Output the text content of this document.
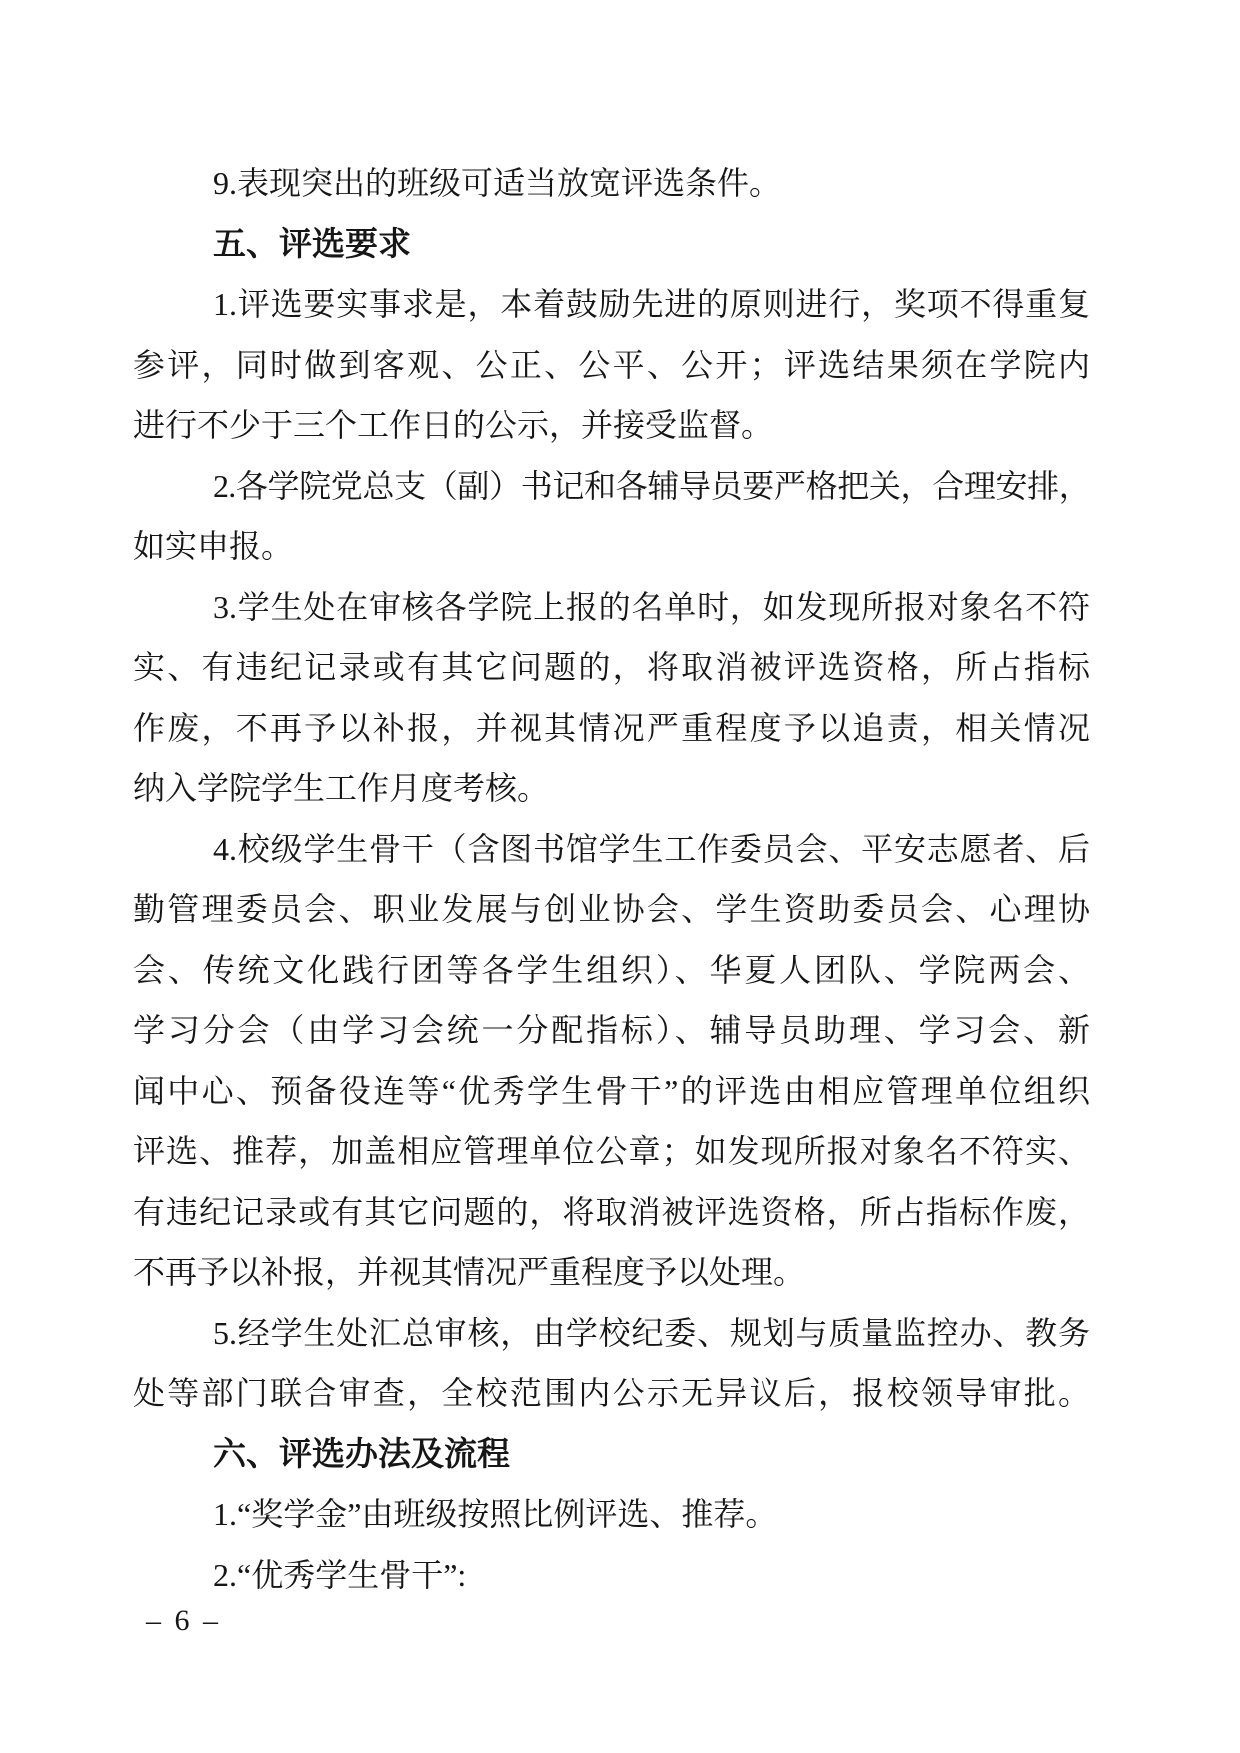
9.表现突出的班级可适当放宽评选条件。
五、评选要求
1.评选要实事求是，本着鼓励先进的原则进行，奖项不得重复
参评，同时做到客观、公正、公平、公开；评选结果须在学院内
进行不少于三个工作日的公示，并接受监督。
2.各学院党总支（副）书记和各辅导员要严格把关，合理安排，
如实申报。
3.学生处在审核各学院上报的名单时，如发现所报对象名不符
实、有违纪记录或有其它问题的，将取消被评选资格，所占指标
作废，不再予以补报，并视其情况严重程度予以追责，相关情况
纳入学院学生工作月度考核。
4.校级学生骨干（含图书馆学生工作委员会、平安志愿者、后
勤管理委员会、职业发展与创业协会、学生资助委员会、心理协
会、传统文化践行团等各学生组织）、华夏人团队、学院两会、
学习分会（由学习会统一分配指标）、辅导员助理、学习会、新
闻中心、预备役连等“优秀学生骨干”的评选由相应管理单位组织
评选、推荐，加盖相应管理单位公章；如发现所报对象名不符实、
有违纪记录或有其它问题的，将取消被评选资格，所占指标作废，
不再予以补报，并视其情况严重程度予以处理。
5.经学生处汇总审核，由学校纪委、规划与质量监控办、教务
处等部门联合审查，全校范围内公示无异议后，报校领导审批。
六、评选办法及流程
1.“奖学金”由班级按照比例评选、推荐。
2.“优秀学生骨干”:
– 6 –
